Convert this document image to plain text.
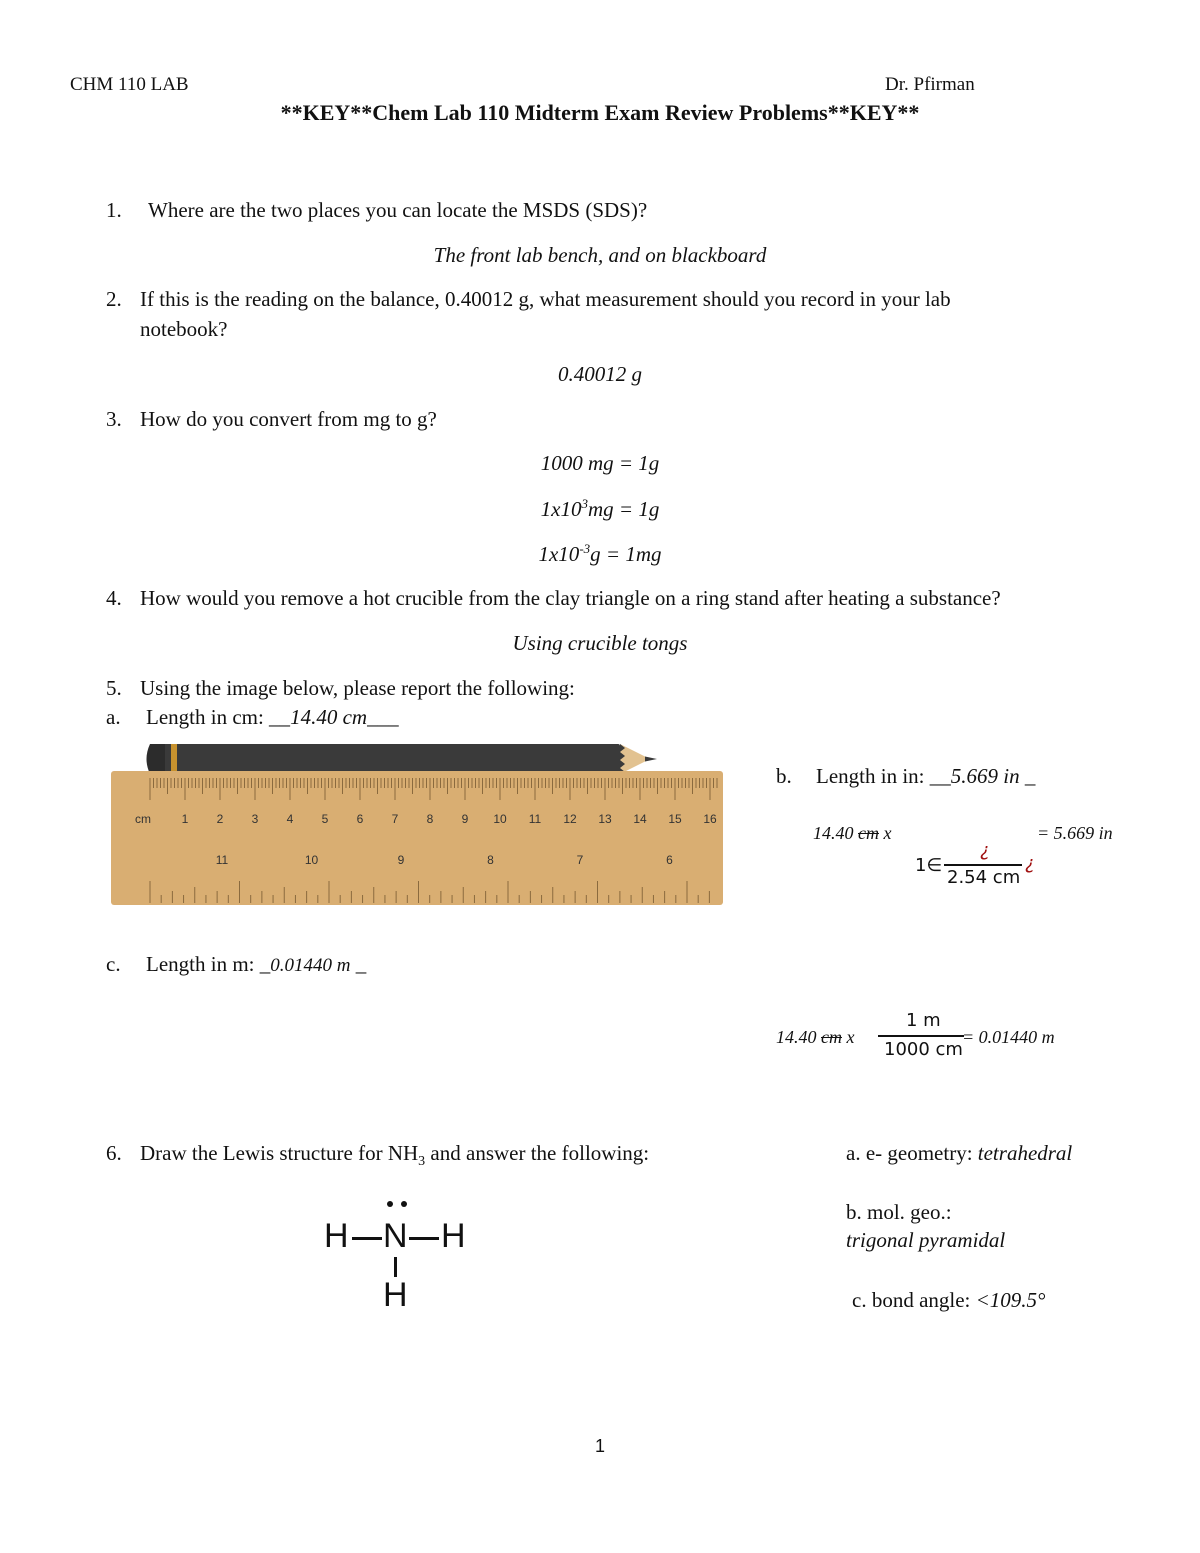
CHM 110 LAB	Dr. Pfirman
**KEY**Chem Lab 110 Midterm Exam Review Problems**KEY**
1. Where are the two places you can locate the MSDS (SDS)?
The front lab bench, and on blackboard
2. If this is the reading on the balance, 0.40012 g, what measurement should you record in your lab
notebook?
0.40012 g
3. How do you convert from mg to g?
1000 mg = 1g
$1x10^3mg = 1g$
$1x10^{-3}g = 1mg$
4. How would you remove a hot crucible from the clay triangle on a ring stand after heating a substance?
Using crucible tongs
5. Using the image below, please report the following:
a. Length in cm: __14.40 cm___
cm	1 2 3 4 5 6 7 8 9 10 11 12 13 14 15 16
11	10	9	8	7	6
b. Length in in: __5.669 in _
14.40 cm x	= 5.669 in
¿
1∈
2.54 cm
¿
c. Length in m: _0.01440 m _
14.40 cm x
1 m
1000 cm
= 0.01440 m
6. Draw the Lewis structure for $NH_3$ and answer the following:	a. e- geometry: tetrahedral
b. mol. geo.:
trigonal pyramidal
c. bond angle: <109.5°
H N H
H
1
